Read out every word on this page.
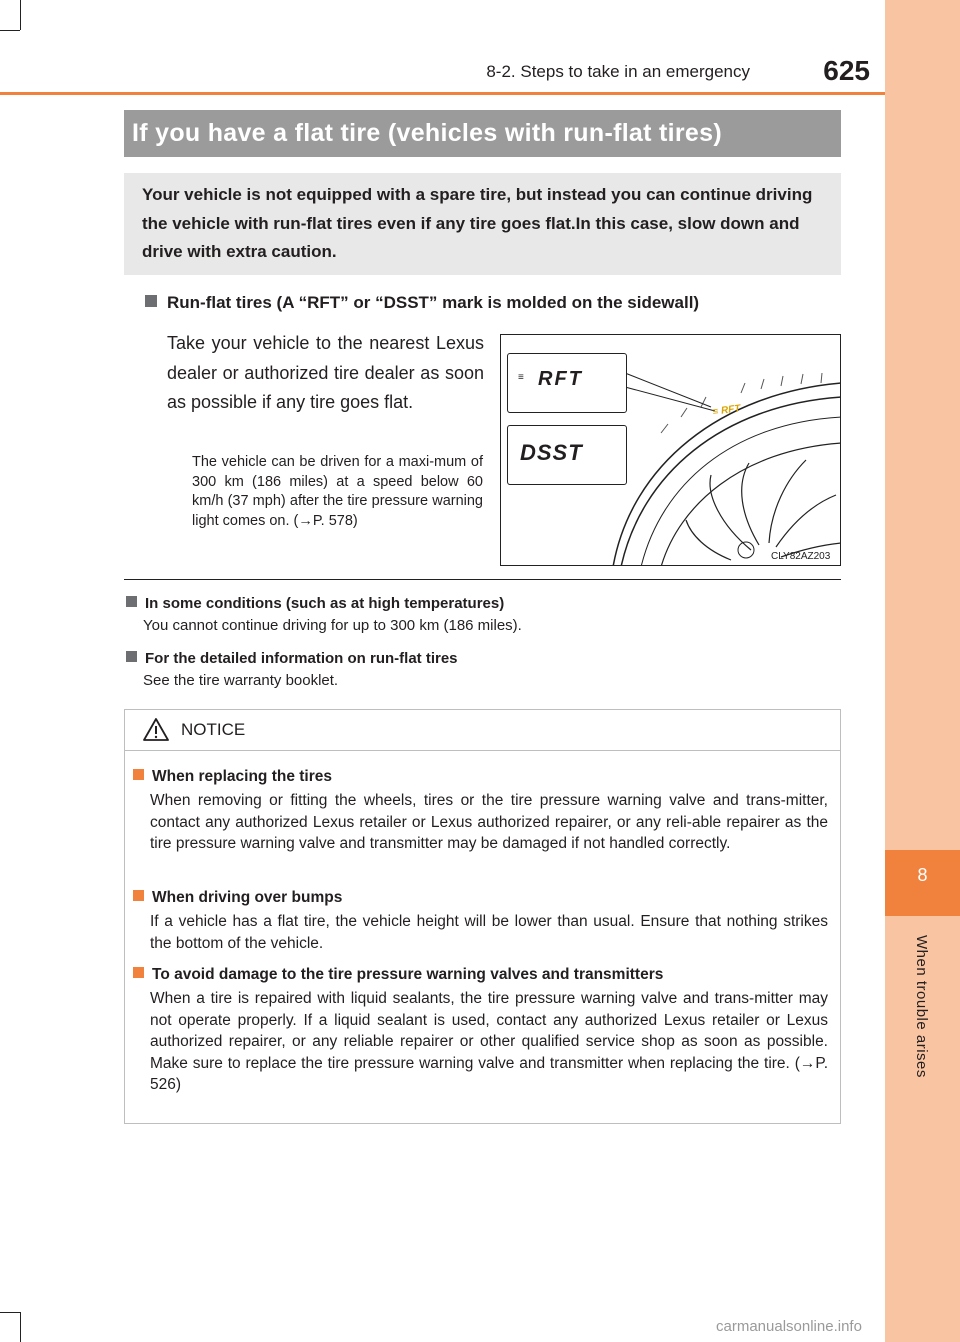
8
When trouble arises
8-2. Steps to take in an emergency	625
If you have a flat tire (vehicles with run-flat tires)
Your vehicle is not equipped with a spare tire, but instead you can continue driving the vehicle with run-flat tires even if any tire goes flat.In this case, slow down and drive with extra caution.
Run-flat tires (A “RFT” or “DSST” mark is molded on the sidewall)
Take your vehicle to the nearest Lexus dealer or authorized tire dealer as soon as possible if any tire goes flat.
The vehicle can be driven for a maxi-mum of 300 km (186 miles) at a speed below 60 km/h (37 mph) after the tire pressure warning light comes on. (→P. 578)
≡ RFT
≡ RFT
DSST
CLY82AZ203
In some conditions (such as at high temperatures)
You cannot continue driving for up to 300 km (186 miles).
For the detailed information on run-flat tires
See the tire warranty booklet.
NOTICE
When replacing the tires
When removing or fitting the wheels, tires or the tire pressure warning valve and trans-mitter, contact any authorized Lexus retailer or Lexus authorized repairer, or any reli-able repairer as the tire pressure warning valve and transmitter may be damaged if not handled correctly.
When driving over bumps
If a vehicle has a flat tire, the vehicle height will be lower than usual. Ensure that nothing strikes the bottom of the vehicle.
To avoid damage to the tire pressure warning valves and transmitters
When a tire is repaired with liquid sealants, the tire pressure warning valve and trans-mitter may not operate properly. If a liquid sealant is used, contact any authorized Lexus retailer or Lexus authorized repairer, or any reliable repairer or other qualified service shop as soon as possible. Make sure to replace the tire pressure warning valve and transmitter when replacing the tire. (→P. 526)
carmanualsonline.info
